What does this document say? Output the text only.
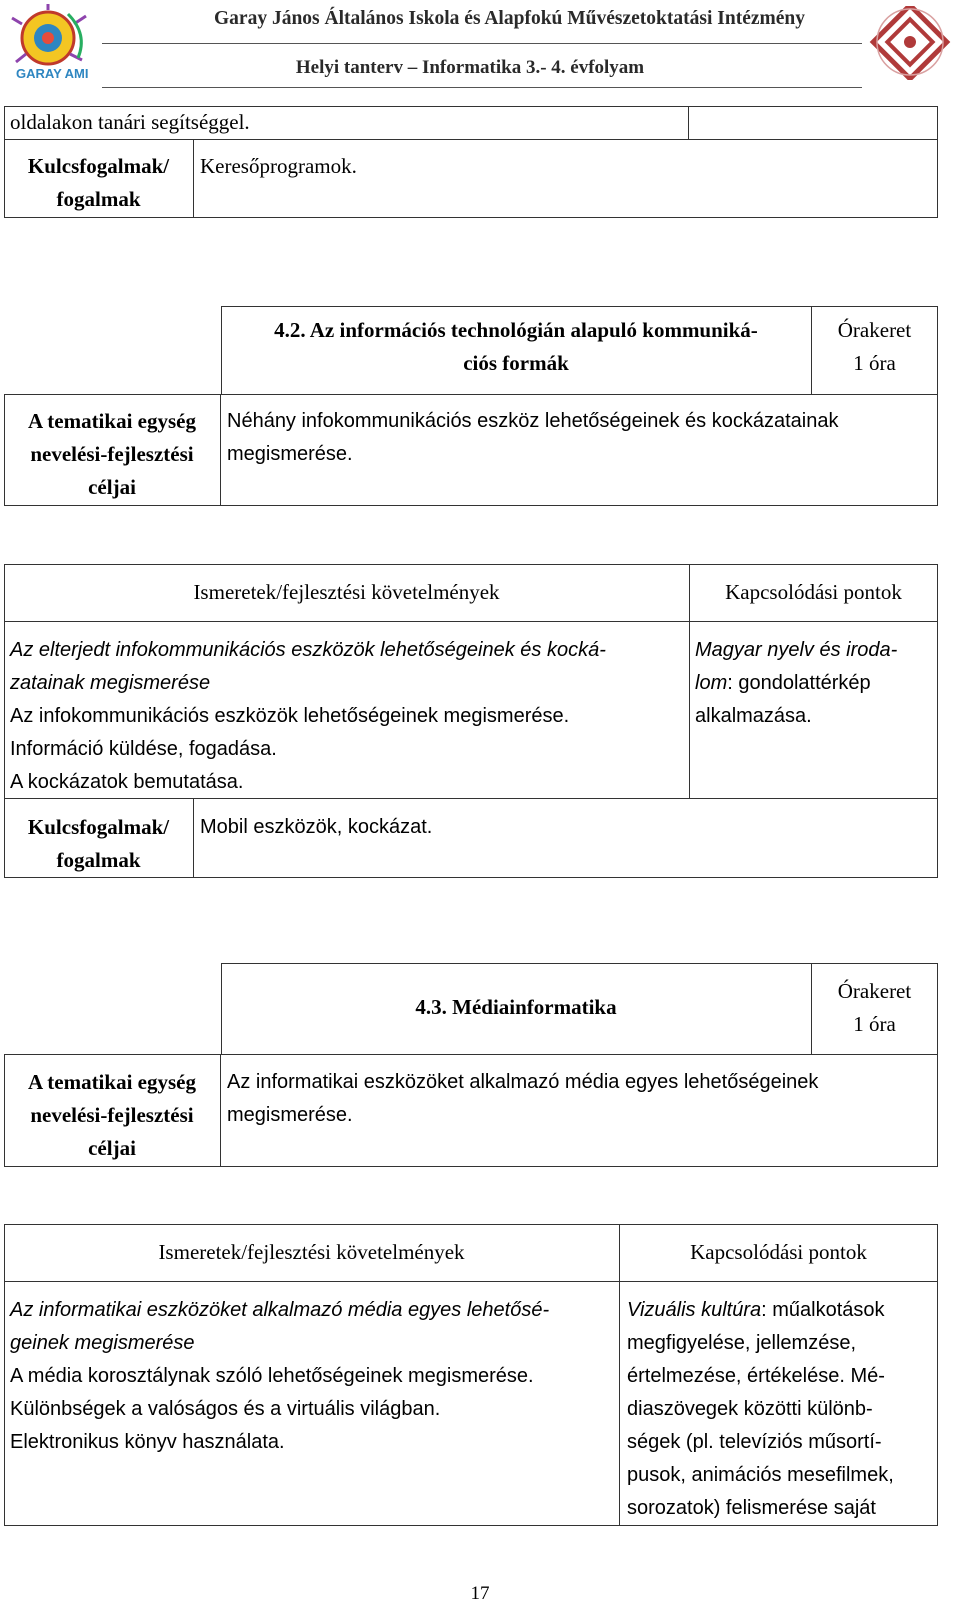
GARAY AMI
Garay János Általános Iskola és Alapfokú Művészetoktatási Intézmény
Helyi tanterv – Informatika 3.- 4. évfolyam
oldalakon tanári segítséggel.
Kulcsfogalmak/
fogalmak
Keresőprogramok.
4.2. Az információs technológián alapuló kommuniká-
ciós formák
Órakeret
1 óra
A tematikai egység
nevelési-fejlesztési
céljai
Néhány infokommunikációs eszköz lehetőségeinek és kockázatainak
megismerése.
Ismeretek/fejlesztési követelmények	Kapcsolódási pontok
Az elterjedt infokommunikációs eszközök lehetőségeinek és kocká-
zatainak megismerése
Az infokommunikációs eszközök lehetőségeinek megismerése.
Információ küldése, fogadása.
A kockázatok bemutatása.
Magyar nyelv és iroda-
lom: gondolattérkép
alkalmazása.
Kulcsfogalmak/
fogalmak
Mobil eszközök, kockázat.
4.3. Médiainformatika
Órakeret
1 óra
A tematikai egység
nevelési-fejlesztési
céljai
Az informatikai eszközöket alkalmazó média egyes lehetőségeinek
megismerése.
Ismeretek/fejlesztési követelmények	Kapcsolódási pontok
Az informatikai eszközöket alkalmazó média egyes lehetősé-
geinek megismerése
A média korosztálynak szóló lehetőségeinek megismerése.
Különbségek a valóságos és a virtuális világban.
Elektronikus könyv használata.
Vizuális kultúra: műalkotások
megfigyelése, jellemzése,
értelmezése, értékelése. Mé-
diaszövegek közötti különb-
ségek (pl. televíziós műsortí-
pusok, animációs mesefilmek,
sorozatok) felismerése saját
17
